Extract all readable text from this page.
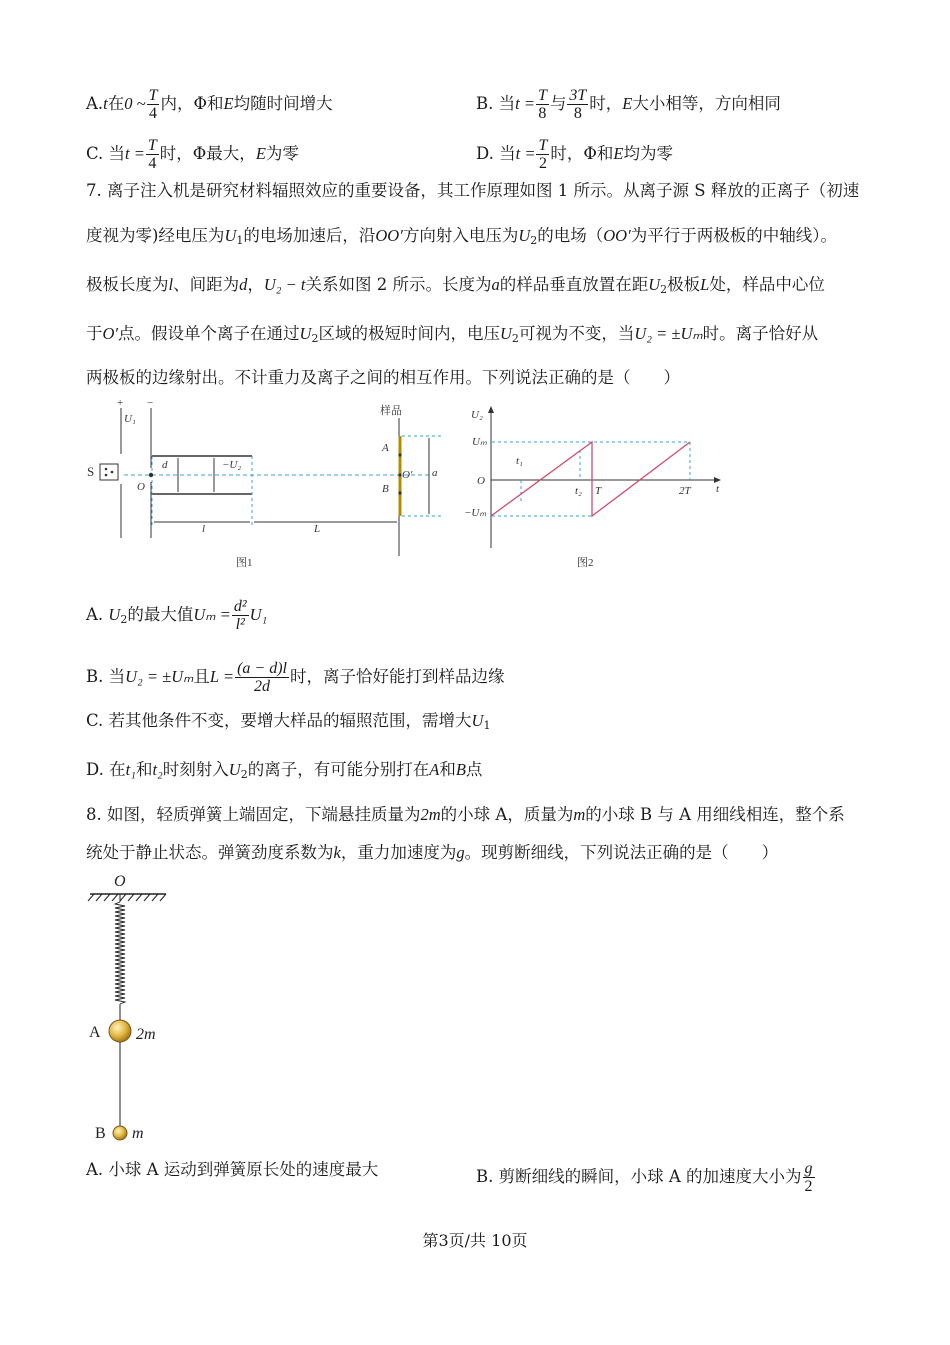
A.t在0 ~ $\frac{T}{4}$ 内，Φ和E均随时间增大	B. 当$t = \frac{T}{8}$ 与 $\frac{3T}{8}$ 时，E大小相等，方向相同
C. 当$t = \frac{T}{4}$ 时，Φ最大，E为零	D. 当$t = \frac{T}{2}$ 时，Φ和E均为零
7. 离子注入机是研究材料辐照效应的重要设备，其工作原理如图 1 所示。从离子源 S 释放的正离子（初速
度视为零)经电压为$U_1$的电场加速后，沿OO′方向射入电压为$U_2$的电场（OO′为平行于两极板的中轴线）。
极板长度为l、间距为d，U₂ − t关系如图 2 所示。长度为a的样品垂直放置在距$U_2$极板L处，样品中心位
于O′点。假设单个离子在通过$U_2$区域的极短时间内，电压$U_2$可视为不变，当U₂ = ±Uₘ时。离子恰好从
两极板的边缘射出。不计重力及离子之间的相互作用。下列说法正确的是（　　）
+ −
U₁
S
O
d	−U₂
l	L
样品
A
B
O′ a
图1
U₂
Uₘ
O
−Uₘ
t₁
t₂ T	2T t
图2
A. $U_2$的最大值$U_m = \frac{\text{d²}}{\text{l²}} U_1$
B. 当U₂ = ±Uₘ且$L = \frac{(a - d)l}{2d}$ 时，离子恰好能打到样品边缘
C. 若其他条件不变，要增大样品的辐照范围，需增大$U_1$
D. 在t₁和t₂时刻射入$U_2$的离子，有可能分别打在A和B点
8. 如图，轻质弹簧上端固定，下端悬挂质量为2m的小球 A，质量为m的小球 B 与 A 用细线相连，整个系
统处于静止状态。弹簧劲度系数为k，重力加速度为g。现剪断细线，下列说法正确的是（　　）
O
A 2m
B m
A. 小球 A 运动到弹簧原长处的速度最大	B. 剪断细线的瞬间，小球 A 的加速度大小为 $\frac{g}{2}$
第3页/共 10页
